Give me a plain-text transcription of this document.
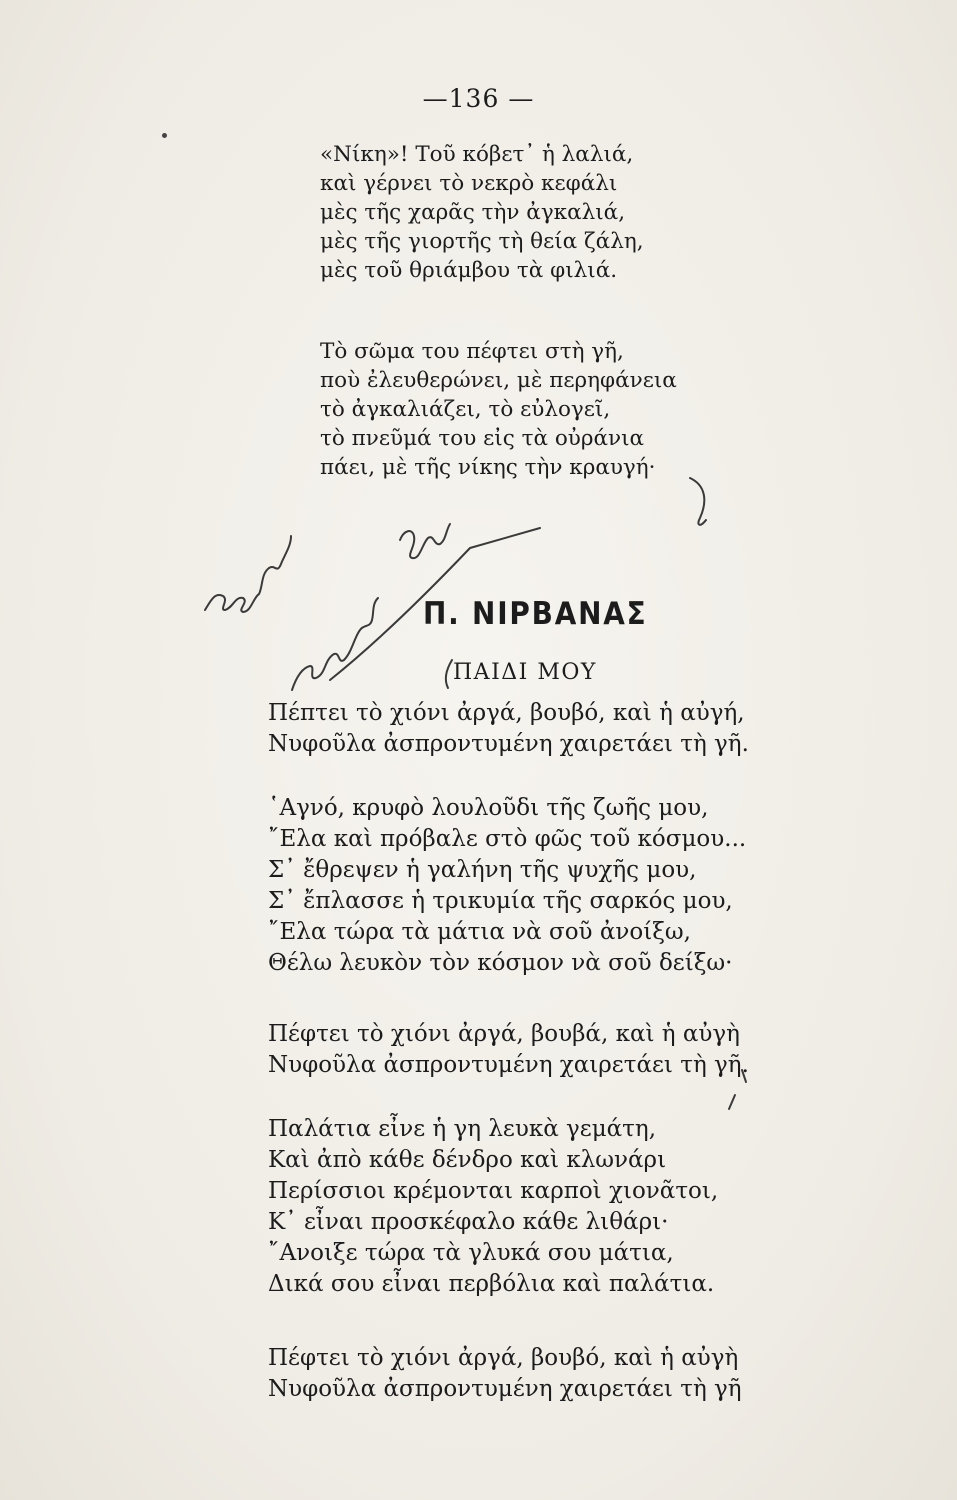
—136 —
«Νίκη»! Τοῦ κόβετ᾽ ἡ λαλιά,
καὶ γέρνει τὸ νεκρὸ κεφάλι
μὲς τῆς χαρᾶς τὴν ἀγκαλιά,
μὲς τῆς γιορτῆς τὴ θεία ζάλη,
μὲς τοῦ θριάμβου τὰ φιλιά.
Τὸ σῶμα του πέφτει στὴ γῆ,
ποὺ ἐλευθερώνει, μὲ περηφάνεια
τὸ ἀγκαλιάζει, τὸ εὐλογεῖ,
τὸ πνεῦμά του εἰς τὰ οὐράνια
πάει, μὲ τῆς νίκης τὴν κραυγή·
Π. ΝΙΡΒΑΝΑΣ
ΠΑΙΔΙ ΜΟΥ
Πέπτει τὸ χιόνι ἀργά, βουβό, καὶ ἡ αὐγή,
Νυφοῦλα ἀσπροντυμένη χαιρετάει τὴ γῆ.
῾Αγνό, κρυφὸ λουλοῦδι τῆς ζωῆς μου,
῎Ελα καὶ πρόβαλε στὸ φῶς τοῦ κόσμου...
Σ᾽ ἔθρεψεν ἡ γαλήνη τῆς ψυχῆς μου,
Σ᾽ ἔπλασσε ἡ τρικυμία τῆς σαρκός μου,
῎Ελα τώρα τὰ μάτια νὰ σοῦ ἀνοίξω,
Θέλω λευκὸν τὸν κόσμον νὰ σοῦ δείξω·
Πέφτει τὸ χιόνι ἀργά, βουβά, καὶ ἡ αὐγὴ
Νυφοῦλα ἀσπροντυμένη χαιρετάει τὴ γῆ.
Παλάτια εἶνε ἡ γη λευκὰ γεμάτη,
Καὶ ἀπὸ κάθε δένδρο καὶ κλωνάρι
Περίσσιοι κρέμονται καρποὶ χιονᾶτοι,
Κ᾽ εἶναι προσκέφαλο κάθε λιθάρι·
῎Ανοιξε τώρα τὰ γλυκά σου μάτια,
Δικά σου εἶναι περβόλια καὶ παλάτια.
Πέφτει τὸ χιόνι ἀργά, βουβό, καὶ ἡ αὐγὴ
Νυφοῦλα ἀσπροντυμένη χαιρετάει τὴ γῆ
